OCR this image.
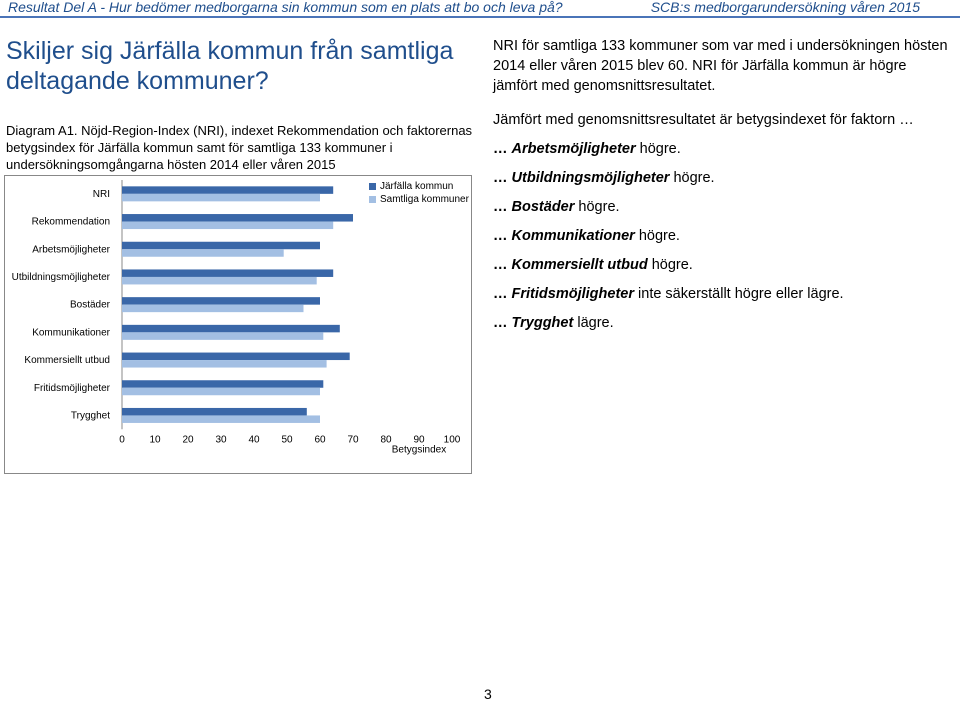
Resultat Del A - Hur bedömer medborgarna sin kommun som en plats att bo och leva på?	SCB:s medborgarundersökning våren 2015
Skiljer sig Järfälla kommun från samtliga deltagande kommuner?
Diagram A1. Nöjd-Region-Index (NRI), indexet Rekommendation och faktorernas betygsindex för Järfälla kommun samt för samtliga 133 kommuner i undersökningsomgångarna hösten 2014 eller våren 2015
NRI
Rekommendation
Arbetsmöjligheter
Utbildningsmöjligheter
Bostäder
Kommunikationer
Kommersiellt utbud
Fritidsmöjligheter
Trygghet
0 10 20 30 40 50 60 70 80 90 100
Betygsindex
Järfälla kommun
Samtliga kommuner

NRI för samtliga 133 kommuner som var med i undersökningen hösten 2014 eller våren 2015 blev 60. NRI för Järfälla kommun är högre jämfört med genomsnittsresultatet.

Jämfört med genomsnittsresultatet är betygsindexet för faktorn …

… Arbetsmöjligheter högre.
… Utbildningsmöjligheter högre.
… Bostäder högre.
… Kommunikationer högre.
… Kommersiellt utbud högre.
… Fritidsmöjligheter inte säkerställt högre eller lägre.
… Trygghet lägre.
3
